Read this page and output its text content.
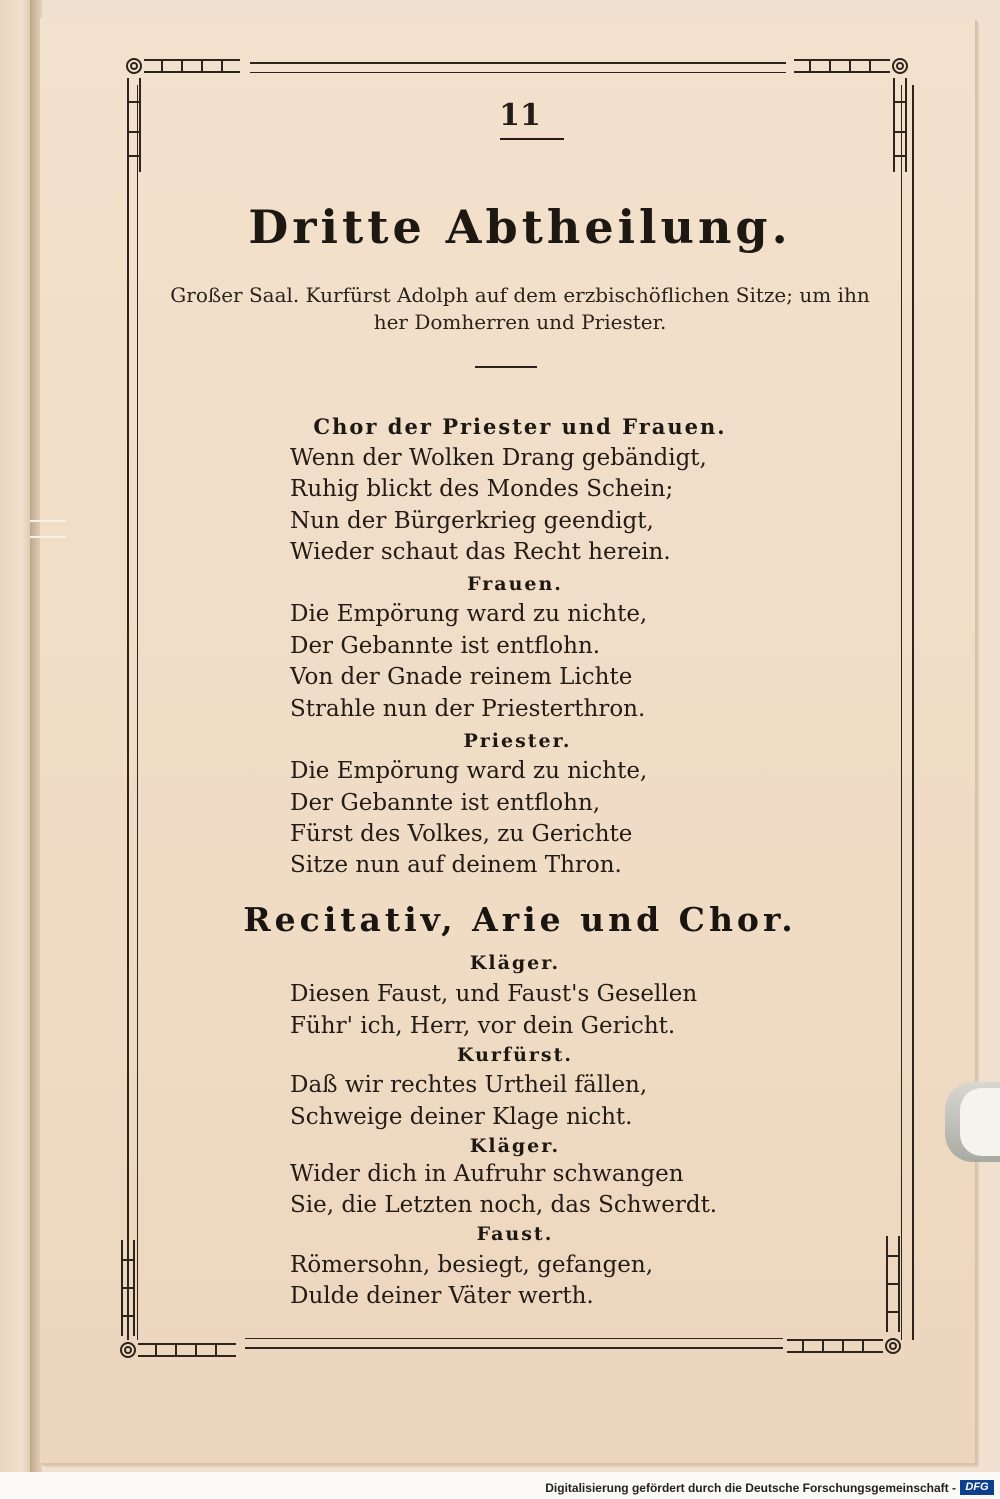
11
Dritte Abtheilung.
Großer Saal. Kurfürst Adolph auf dem erzbischöflichen Sitze; um ihn her Domherren und Priester.
Chor der Priester und Frauen.
Wenn der Wolken Drang gebändigt,
Ruhig blickt des Mondes Schein;
Nun der Bürgerkrieg geendigt,
Wieder schaut das Recht herein.
Frauen.
Die Empörung ward zu nichte,
Der Gebannte ist entflohn.
Von der Gnade reinem Lichte
Strahle nun der Priesterthron.
Priester.
Die Empörung ward zu nichte,
Der Gebannte ist entflohn,
Fürst des Volkes, zu Gerichte
Sitze nun auf deinem Thron.
Recitativ, Arie und Chor.
Kläger.
Diesen Faust, und Faust's Gesellen
Führ' ich, Herr, vor dein Gericht.
Kurfürst.
Daß wir rechtes Urtheil fällen,
Schweige deiner Klage nicht.
Kläger.
Wider dich in Aufruhr schwangen
Sie, die Letzten noch, das Schwerdt.
Faust.
Römersohn, besiegt, gefangen,
Dulde deiner Väter werth.
Digitalisierung gefördert durch die Deutsche Forschungsgemeinschaft - DFG
